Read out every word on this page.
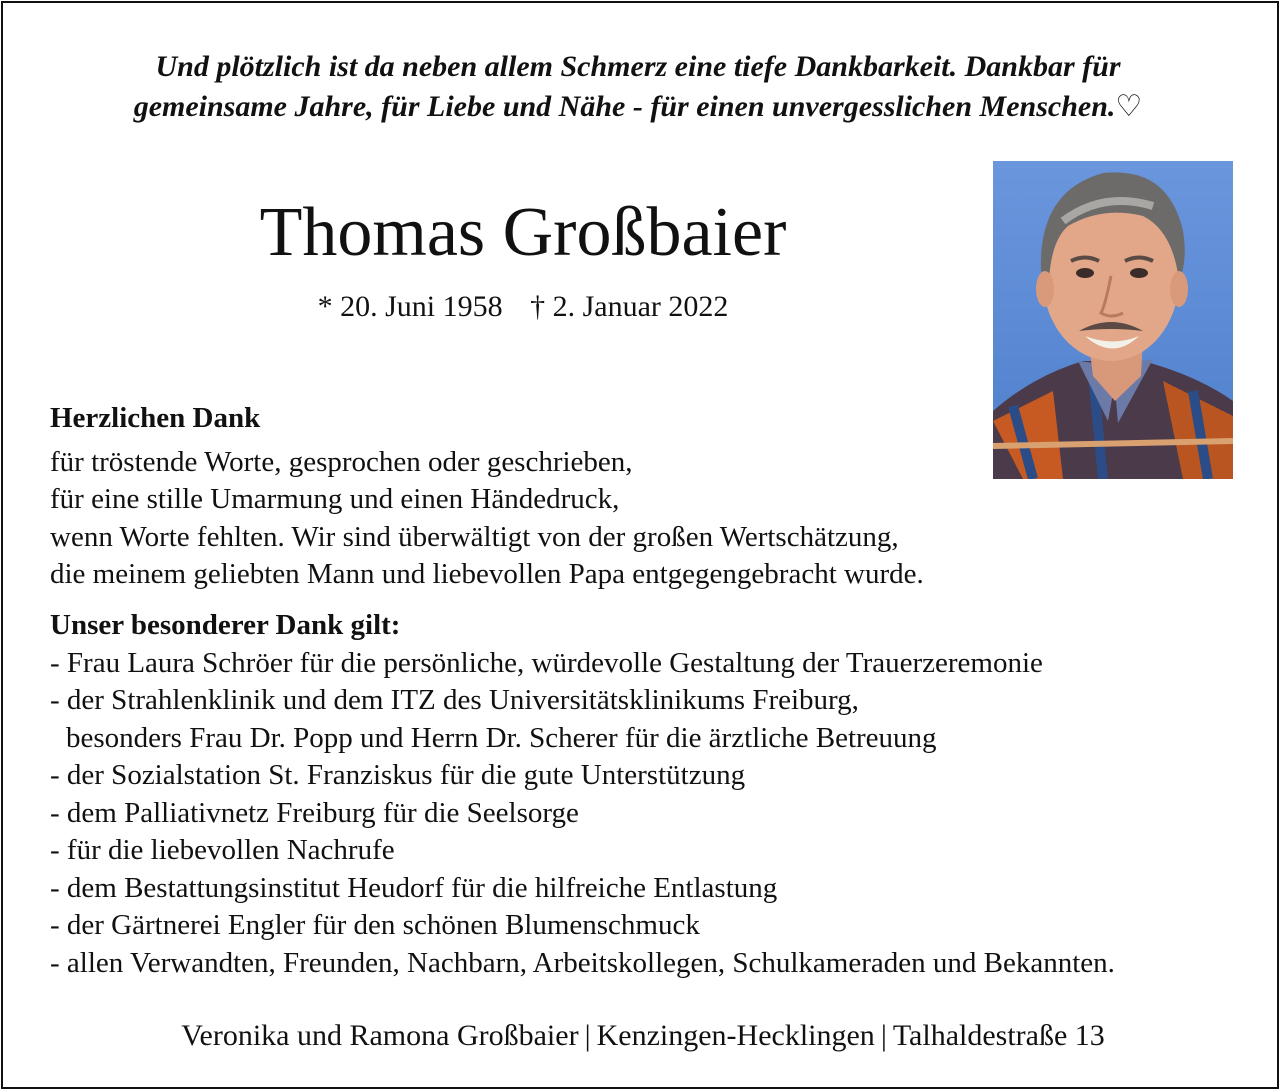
Und plötzlich ist da neben allem Schmerz eine tiefe Dankbarkeit. Dankbar für
gemeinsame Jahre, für Liebe und Nähe - für einen unvergesslichen Menschen.♡
Thomas Großbaier
* 20. Juni 1958 † 2. Januar 2022
Herzlichen Dank
für tröstende Worte, gesprochen oder geschrieben,
für eine stille Umarmung und einen Händedruck,
wenn Worte fehlten. Wir sind überwältigt von der großen Wertschätzung,
die meinem geliebten Mann und liebevollen Papa entgegengebracht wurde.
Unser besonderer Dank gilt:
- Frau Laura Schröer für die persönliche, würdevolle Gestaltung der Trauerzeremonie
- der Strahlenklinik und dem ITZ des Universitätsklinikums Freiburg,
besonders Frau Dr. Popp und Herrn Dr. Scherer für die ärztliche Betreuung
- der Sozialstation St. Franziskus für die gute Unterstützung
- dem Palliativnetz Freiburg für die Seelsorge
- für die liebevollen Nachrufe
- dem Bestattungsinstitut Heudorf für die hilfreiche Entlastung
- der Gärtnerei Engler für den schönen Blumenschmuck
- allen Verwandten, Freunden, Nachbarn, Arbeitskollegen, Schulkameraden und Bekannten.
Veronika und Ramona Großbaier | Kenzingen-Hecklingen | Talhaldestraße 13
